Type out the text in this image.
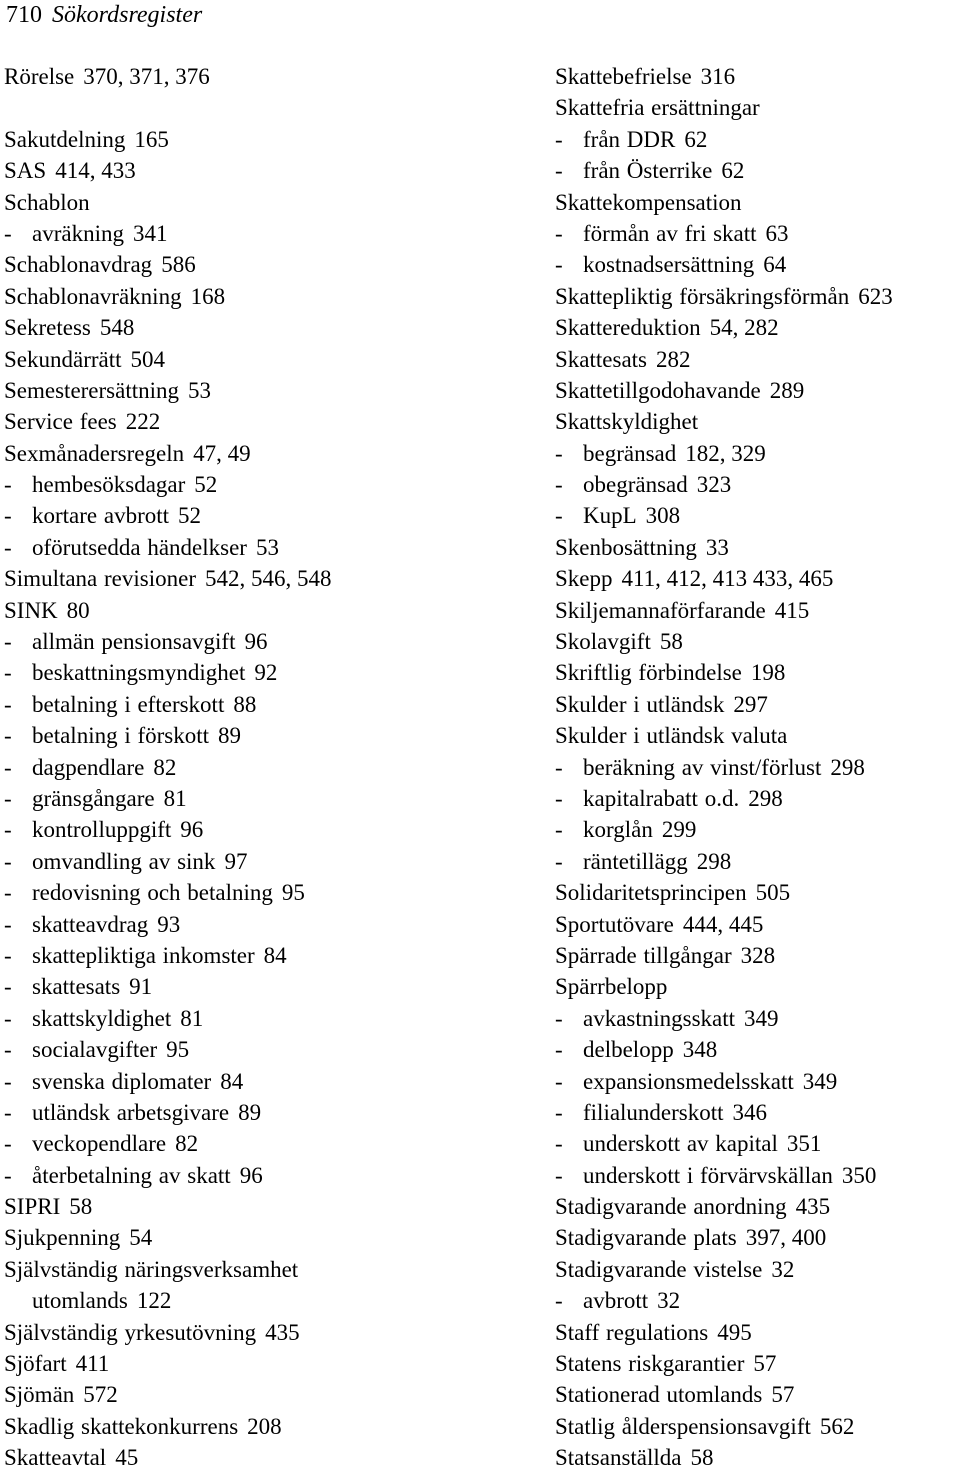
710 Sökordsregister
Rörelse 370, 371, 376
Sakutdelning 165
SAS 414, 433
Schablon
- avräkning 341
Schablonavdrag 586
Schablonavräkning 168
Sekretess 548
Sekundärrätt 504
Semesterersättning 53
Service fees 222
Sexmånadersregeln 47, 49
- hembesöksdagar 52
- kortare avbrott 52
- oförutsedda händelkser 53
Simultana revisioner 542, 546, 548
SINK 80
- allmän pensionsavgift 96
- beskattningsmyndighet 92
- betalning i efterskott 88
- betalning i förskott 89
- dagpendlare 82
- gränsgångare 81
- kontrolluppgift 96
- omvandling av sink 97
- redovisning och betalning 95
- skatteavdrag 93
- skattepliktiga inkomster 84
- skattesats 91
- skattskyldighet 81
- socialavgifter 95
- svenska diplomater 84
- utländsk arbetsgivare 89
- veckopendlare 82
- återbetalning av skatt 96
SIPRI 58
Sjukpenning 54
Självständig näringsverksamhet
utomlands 122
Självständig yrkesutövning 435
Sjöfart 411
Sjömän 572
Skadlig skattekonkurrens 208
Skatteavtal 45
Skattebefrielse 316
Skattefria ersättningar
- från DDR 62
- från Österrike 62
Skattekompensation
- förmån av fri skatt 63
- kostnadsersättning 64
Skattepliktig försäkringsförmån 623
Skattereduktion 54, 282
Skattesats 282
Skattetillgodohavande 289
Skattskyldighet
- begränsad 182, 329
- obegränsad 323
- KupL 308
Skenbosättning 33
Skepp 411, 412, 413 433, 465
Skiljemannaförfarande 415
Skolavgift 58
Skriftlig förbindelse 198
Skulder i utländsk 297
Skulder i utländsk valuta
- beräkning av vinst/förlust 298
- kapitalrabatt o.d. 298
- korglån 299
- räntetillägg 298
Solidaritetsprincipen 505
Sportutövare 444, 445
Spärrade tillgångar 328
Spärrbelopp
- avkastningsskatt 349
- delbelopp 348
- expansionsmedelsskatt 349
- filialunderskott 346
- underskott av kapital 351
- underskott i förvärvskällan 350
Stadigvarande anordning 435
Stadigvarande plats 397, 400
Stadigvarande vistelse 32
- avbrott 32
Staff regulations 495
Statens riskgarantier 57
Stationerad utomlands 57
Statlig ålderspensionsavgift 562
Statsanställda 58
